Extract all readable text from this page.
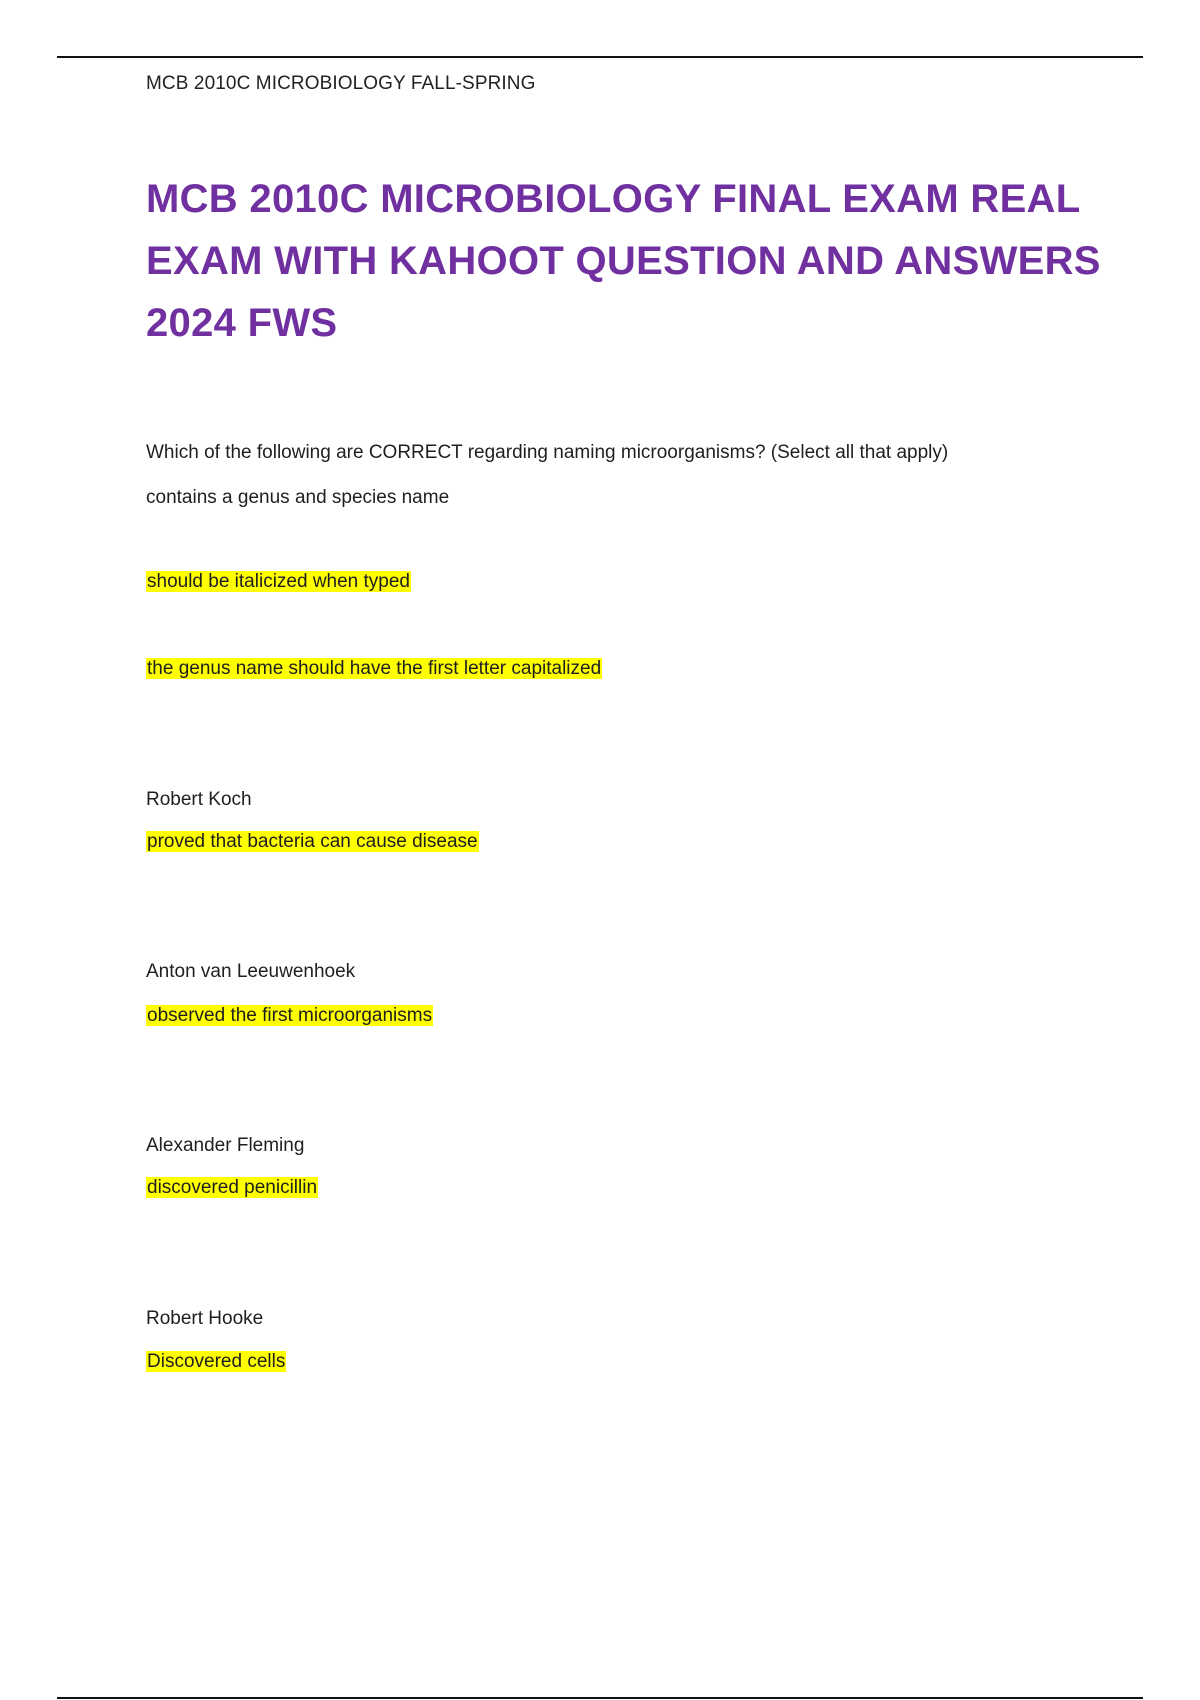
MCB 2010C MICROBIOLOGY FALL-SPRING
MCB 2010C MICROBIOLOGY FINAL EXAM REAL EXAM WITH KAHOOT QUESTION AND ANSWERS 2024 FWS
Which of the following are CORRECT regarding naming microorganisms? (Select all that apply)
contains a genus and species name
should be italicized when typed
the genus name should have the first letter capitalized
Robert Koch
proved that bacteria can cause disease
Anton van Leeuwenhoek
observed the first microorganisms
Alexander Fleming
discovered penicillin
Robert Hooke
Discovered cells
